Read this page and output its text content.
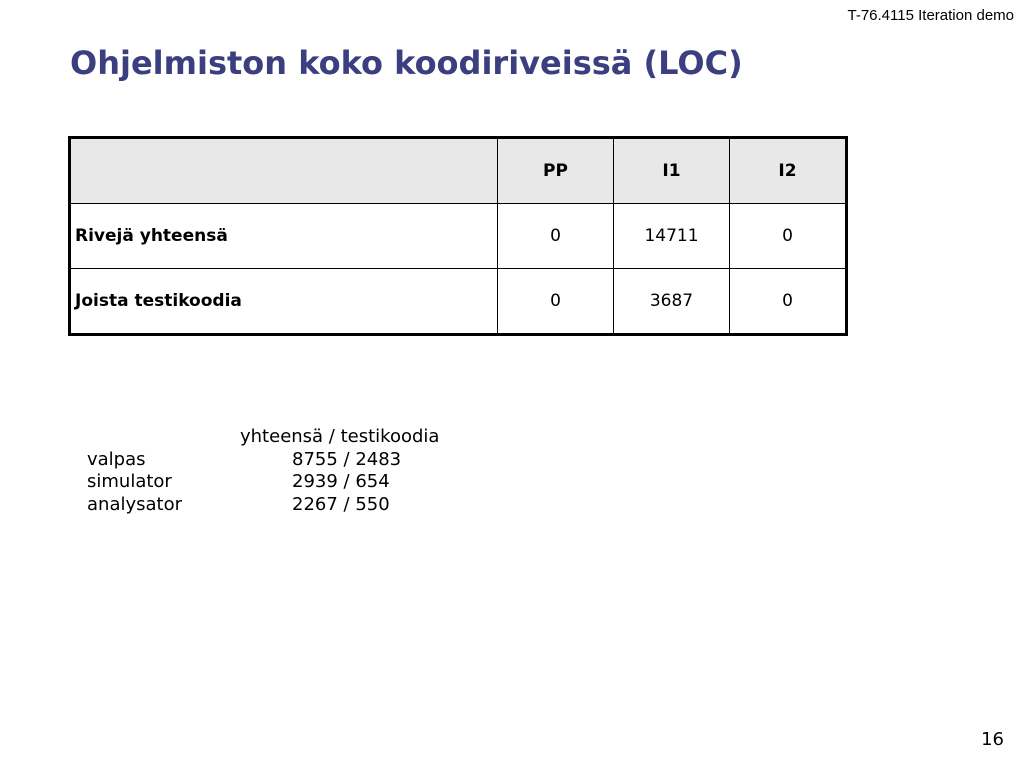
T-76.4115 Iteration demo
Ohjelmiston koko koodiriveissä (LOC)
	PP	I1	I2
Rivejä yhteensä	0	14711	0
Joista testikoodia	0	3687	0
yhteensä / testikoodia
valpas	8755 / 2483
simulator	2939 / 654
analysator	2267 / 550
16
